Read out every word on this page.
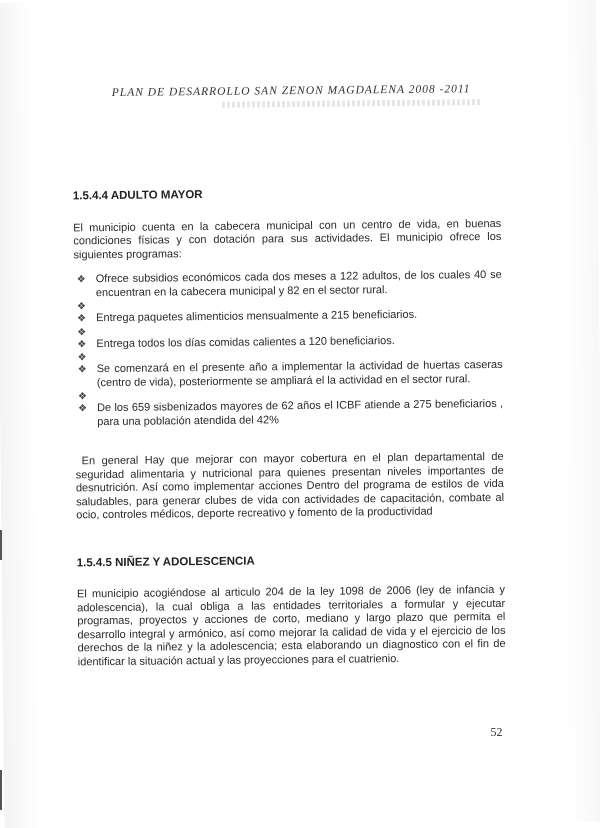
PLAN DE DESARROLLO SAN ZENON MAGDALENA 2008 -2011
1.5.4.4 ADULTO MAYOR

El municipio cuenta en la cabecera municipal con un centro de vida, en buenas condiciones físicas y con dotación para sus actividades. El municipio ofrece los siguientes programas:

❖ Ofrece subsidios económicos cada dos meses a 122 adultos, de los cuales 40 se encuentran en la cabecera municipal y 82 en el sector rural.
❖
❖ Entrega paquetes alimenticios mensualmente a 215 beneficiarios.
❖
❖ Entrega todos los días comidas calientes a 120 beneficiarios.
❖
❖ Se comenzará en el presente año a implementar la actividad de huertas caseras (centro de vida), posteriormente se ampliará el la actividad en el sector rural.
❖
❖ De los 659 sisbenizados mayores de 62 años el ICBF atiende a 275 beneficiarios , para una población atendida del 42%

En general Hay que mejorar con mayor cobertura en el plan departamental de seguridad alimentaria y nutricional para quienes presentan niveles importantes de desnutrición. Así como implementar acciones Dentro del programa de estilos de vida saludables, para generar clubes de vida con actividades de capacitación, combate al ocio, controles médicos, deporte recreativo y fomento de la productividad

1.5.4.5 NIÑEZ Y ADOLESCENCIA

El municipio acogiéndose al articulo 204 de la ley 1098 de 2006 (ley de infancia y adolescencia), la cual obliga a las entidades territoriales a formular y ejecutar programas, proyectos y acciones de corto, mediano y largo plazo que permita el desarrollo integral y armónico, así como mejorar la calidad de vida y el ejercicio de los derechos de la niñez y la adolescencia; esta elaborando un diagnostico con el fin de identificar la situación actual y las proyecciones para el cuatrienio.

52
